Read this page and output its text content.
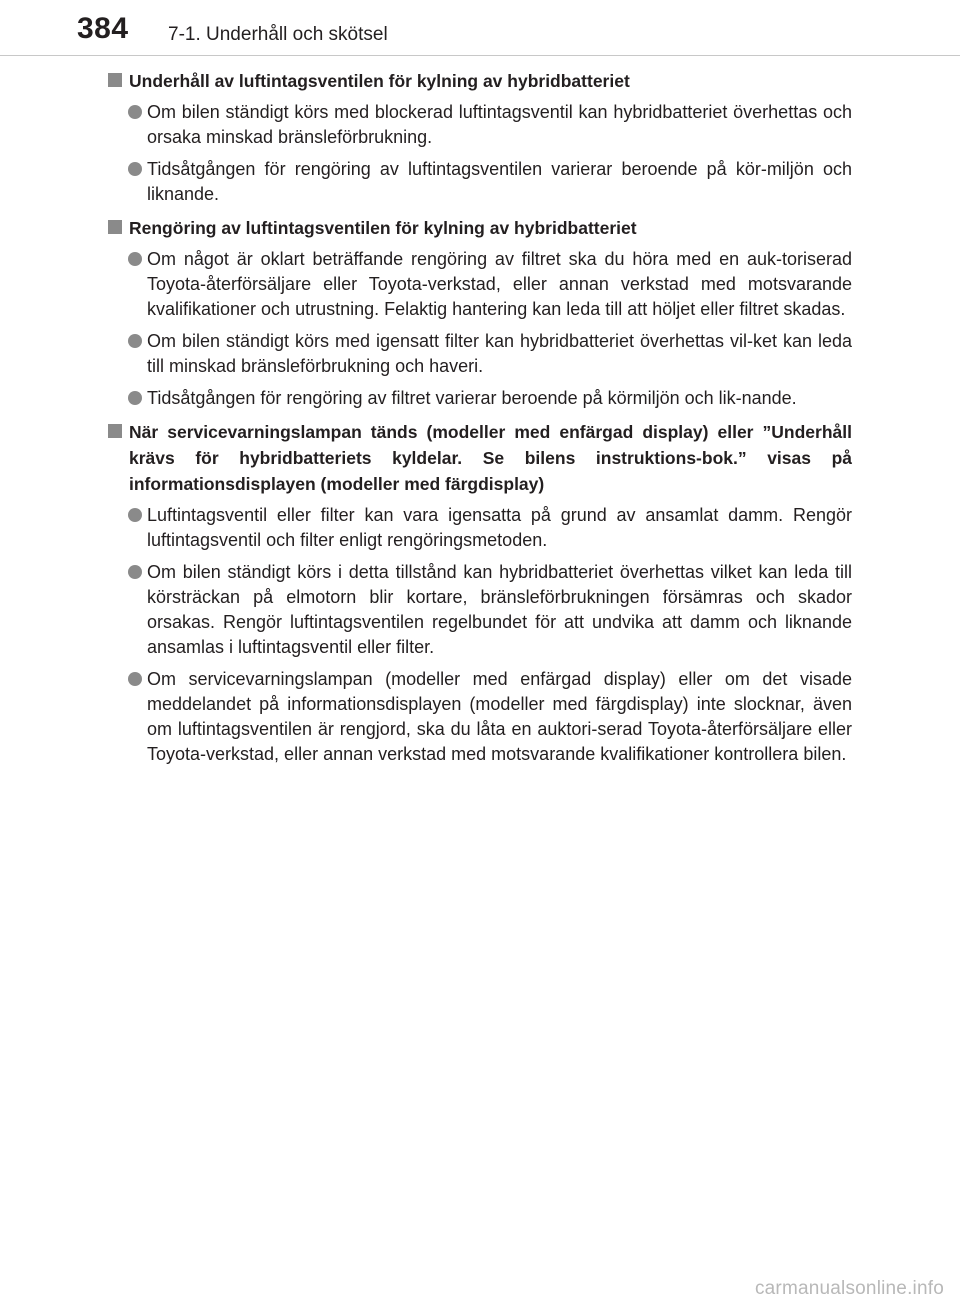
384 7-1. Underhåll och skötsel
Underhåll av luftintagsventilen för kylning av hybridbatteriet
Om bilen ständigt körs med blockerad luftintagsventil kan hybridbatteriet överhettas och orsaka minskad bränsleförbrukning.
Tidsåtgången för rengöring av luftintagsventilen varierar beroende på kör-miljön och liknande.
Rengöring av luftintagsventilen för kylning av hybridbatteriet
Om något är oklart beträffande rengöring av filtret ska du höra med en auk-toriserad Toyota-återförsäljare eller Toyota-verkstad, eller annan verkstad med motsvarande kvalifikationer och utrustning. Felaktig hantering kan leda till att höljet eller filtret skadas.
Om bilen ständigt körs med igensatt filter kan hybridbatteriet överhettas vil-ket kan leda till minskad bränsleförbrukning och haveri.
Tidsåtgången för rengöring av filtret varierar beroende på körmiljön och lik-nande.
När servicevarningslampan tänds (modeller med enfärgad display) eller ”Underhåll krävs för hybridbatteriets kyldelar. Se bilens instruktions-bok.” visas på informationsdisplayen (modeller med färgdisplay)
Luftintagsventil eller filter kan vara igensatta på grund av ansamlat damm. Rengör luftintagsventil och filter enligt rengöringsmetoden.
Om bilen ständigt körs i detta tillstånd kan hybridbatteriet överhettas vilket kan leda till körsträckan på elmotorn blir kortare, bränsleförbrukningen försämras och skador orsakas. Rengör luftintagsventilen regelbundet för att undvika att damm och liknande ansamlas i luftintagsventil eller filter.
Om servicevarningslampan (modeller med enfärgad display) eller om det visade meddelandet på informationsdisplayen (modeller med färgdisplay) inte slocknar, även om luftintagsventilen är rengjord, ska du låta en auktori-serad Toyota-återförsäljare eller Toyota-verkstad, eller annan verkstad med motsvarande kvalifikationer kontrollera bilen.
carmanualsonline.info
